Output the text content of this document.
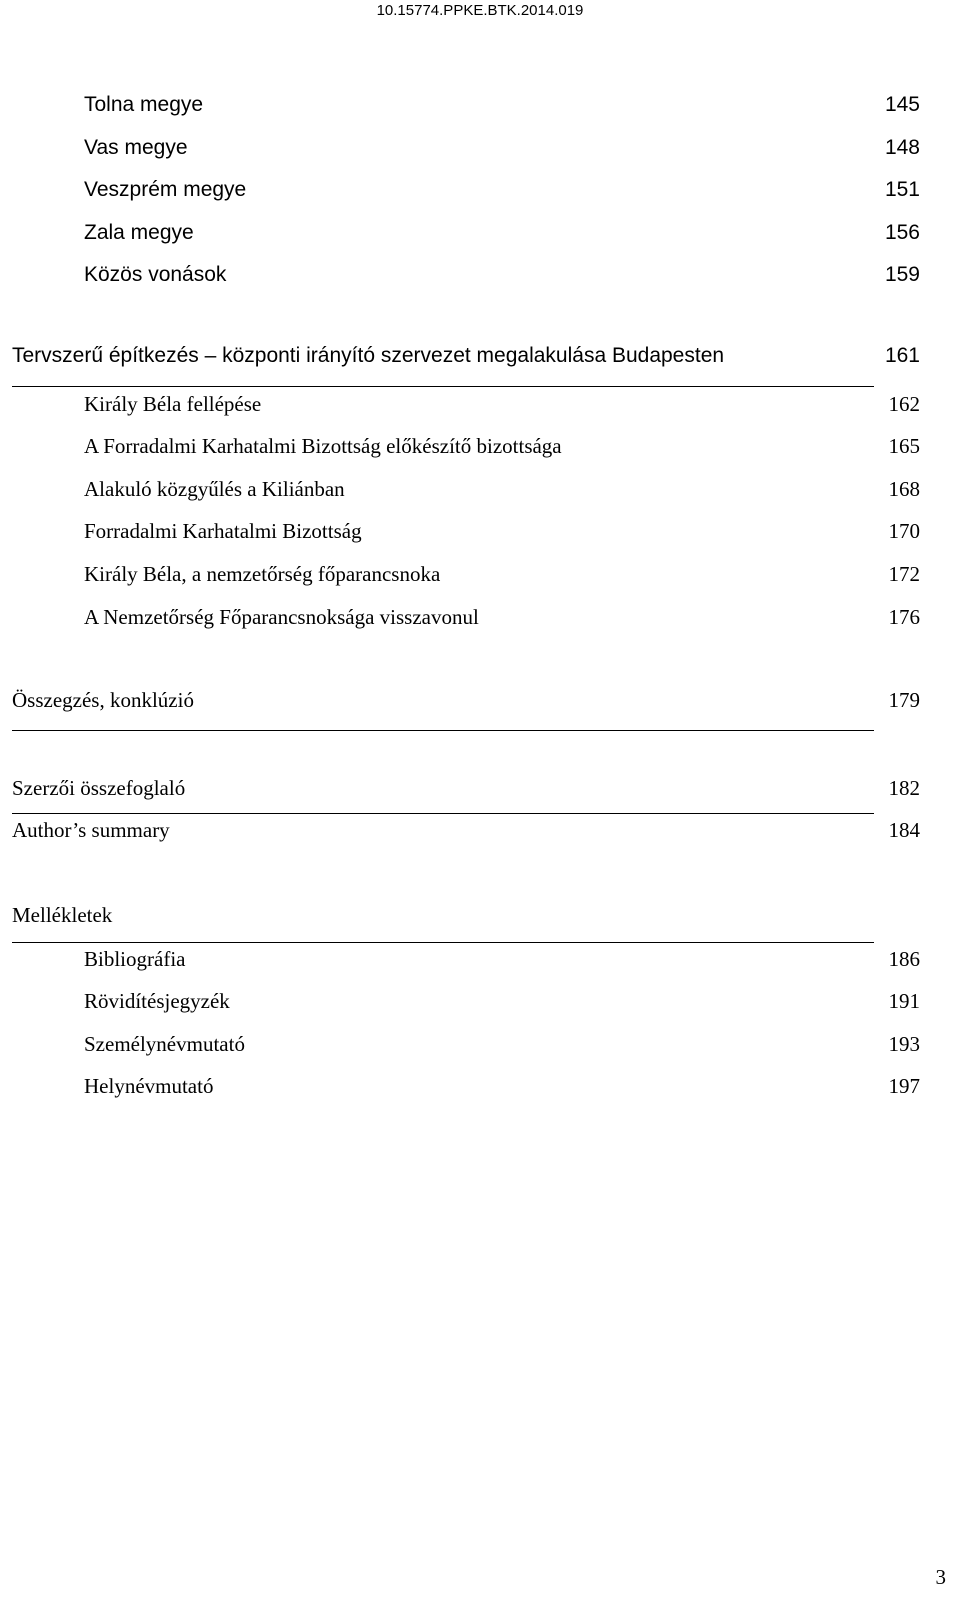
10.15774.PPKE.BTK.2014.019
Tolna megye	145
Vas megye	148
Veszprém megye	151
Zala megye	156
Közös vonások	159
Tervszerű építkezés – központi irányító szervezet megalakulása Budapesten	161
Király Béla fellépése	162
A Forradalmi Karhatalmi Bizottság előkészítő bizottsága	165
Alakuló közgyűlés a Kiliánban	168
Forradalmi Karhatalmi Bizottság	170
Király Béla, a nemzetőrség főparancsnoka	172
A Nemzetőrség Főparancsnoksága visszavonul	176
Összegzés, konklúzió	179
Szerzői összefoglaló	182
Author’s summary	184
Mellékletek
Bibliográfia	186
Rövidítésjegyzék	191
Személynévmutató	193
Helynévmutató	197
3
